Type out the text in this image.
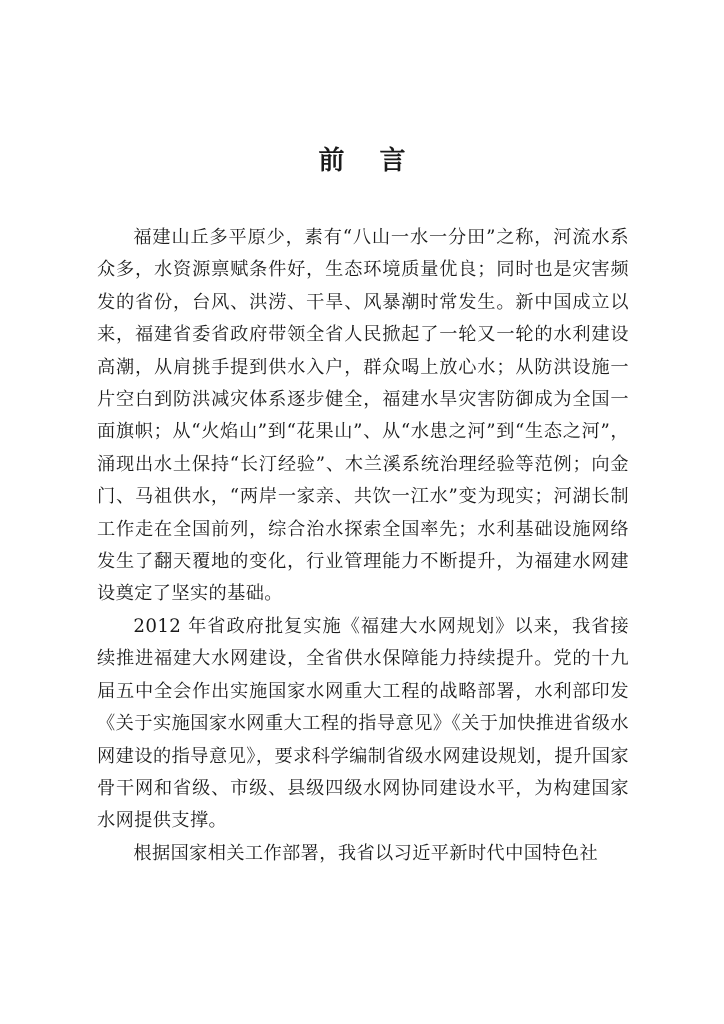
前 言

福建山丘多平原少，素有“八山一水一分田”之称，河流水系众多，水资源禀赋条件好，生态环境质量优良；同时也是灾害频发的省份，台风、洪涝、干旱、风暴潮时常发生。新中国成立以来，福建省委省政府带领全省人民掀起了一轮又一轮的水利建设高潮，从肩挑手提到供水入户，群众喝上放心水；从防洪设施一片空白到防洪减灾体系逐步健全，福建水旱灾害防御成为全国一面旗帜；从“火焰山”到“花果山”、从“水患之河”到“生态之河”，涌现出水土保持“长汀经验”、木兰溪系统治理经验等范例；向金门、马祖供水，“两岸一家亲、共饮一江水”变为现实；河湖长制工作走在全国前列，综合治水探索全国率先；水利基础设施网络发生了翻天覆地的变化，行业管理能力不断提升，为福建水网建设奠定了坚实的基础。

2012 年省政府批复实施《福建大水网规划》以来，我省接续推进福建大水网建设，全省供水保障能力持续提升。党的十九届五中全会作出实施国家水网重大工程的战略部署，水利部印发《关于实施国家水网重大工程的指导意见》《关于加快推进省级水网建设的指导意见》，要求科学编制省级水网建设规划，提升国家骨干网和省级、市级、县级四级水网协同建设水平，为构建国家水网提供支撑。

根据国家相关工作部署，我省以习近平新时代中国特色社
